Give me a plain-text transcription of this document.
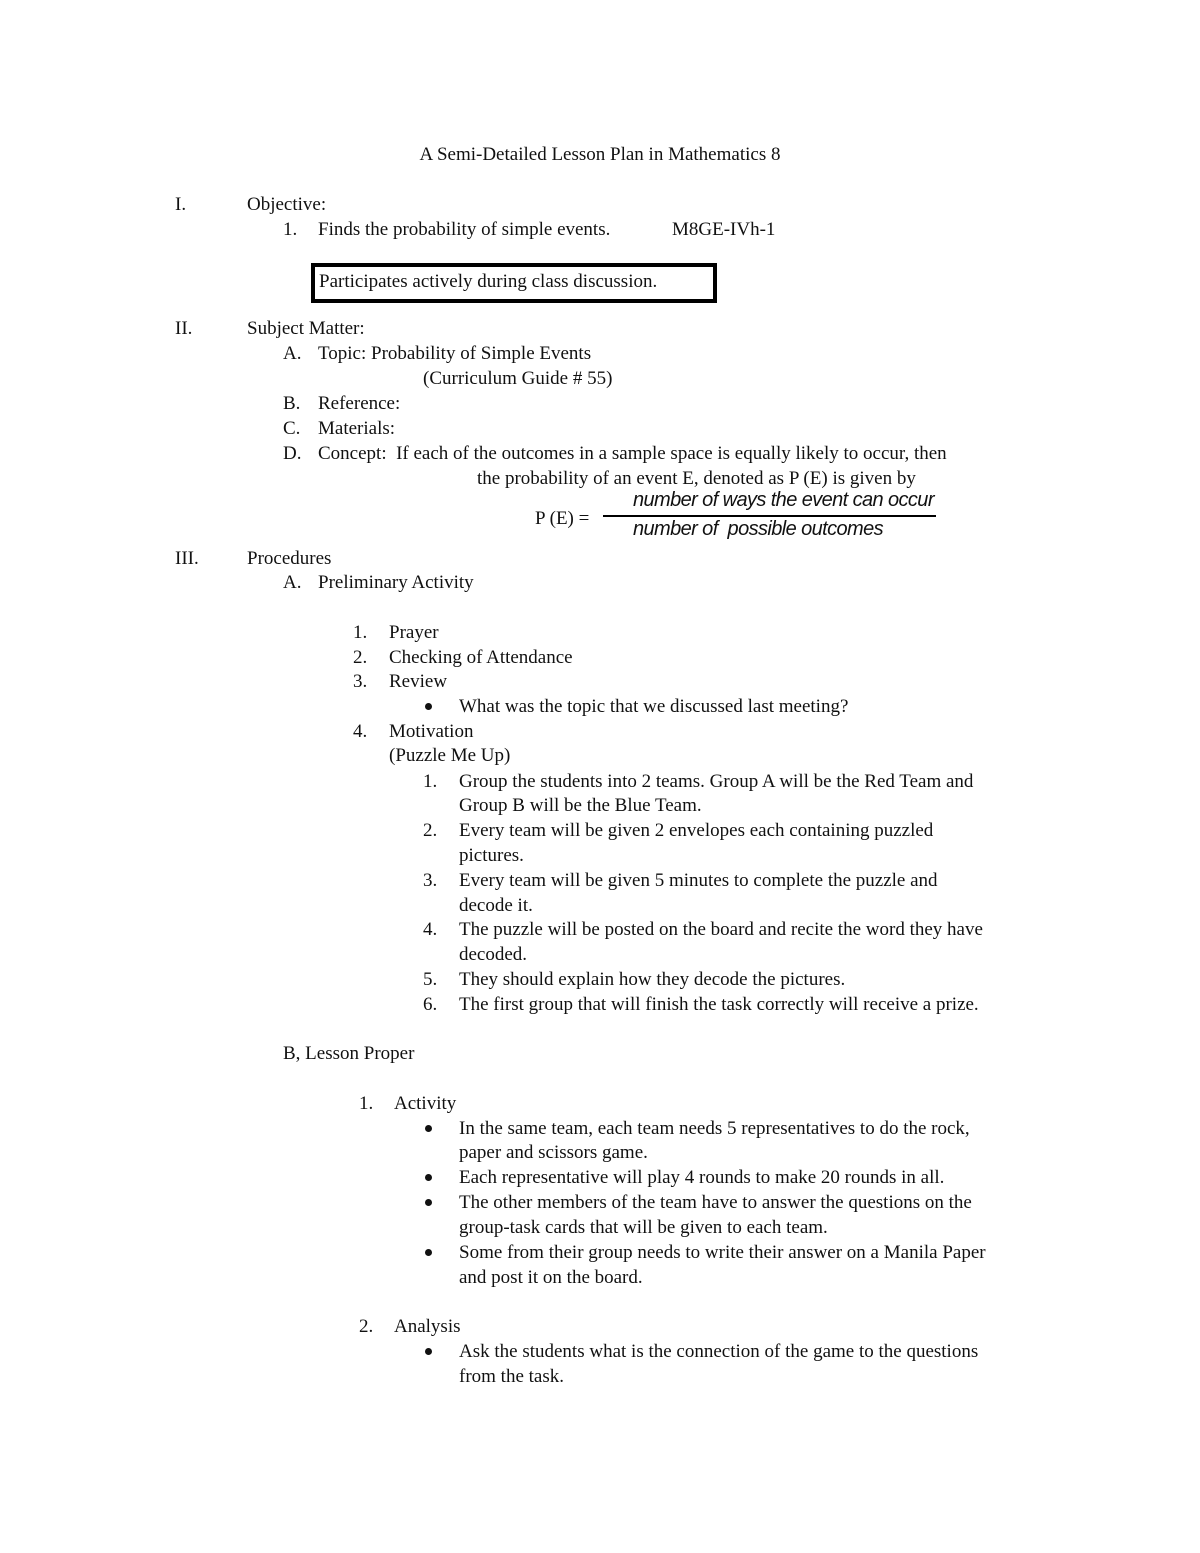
A Semi-Detailed Lesson Plan in Mathematics 8
I.	Objective:
1. Finds the probability of simple events.	M8GE-IVh-1
Participates actively during class discussion.
II.	Subject Matter:
A. Topic: Probability of Simple Events
(Curriculum Guide # 55)
B. Reference:
C. Materials:
D. Concept:  If each of the outcomes in a sample space is equally likely to occur, then
the probability of an event E, denoted as P (E) is given by
P (E) =
number of ways the event can occur
number of  possible outcomes
III.	Procedures
A. Preliminary Activity
1. Prayer
2. Checking of Attendance
3. Review
What was the topic that we discussed last meeting?
4. Motivation
(Puzzle Me Up)
1. Group the students into 2 teams. Group A will be the Red Team and
Group B will be the Blue Team.
2. Every team will be given 2 envelopes each containing puzzled
pictures.
3. Every team will be given 5 minutes to complete the puzzle and
decode it.
4. The puzzle will be posted on the board and recite the word they have
decoded.
5. They should explain how they decode the pictures.
6. The first group that will finish the task correctly will receive a prize.
B, Lesson Proper
1. Activity
In the same team, each team needs 5 representatives to do the rock,
paper and scissors game.
Each representative will play 4 rounds to make 20 rounds in all.
The other members of the team have to answer the questions on the
group-task cards that will be given to each team.
Some from their group needs to write their answer on a Manila Paper
and post it on the board.
2. Analysis
Ask the students what is the connection of the game to the questions
from the task.
